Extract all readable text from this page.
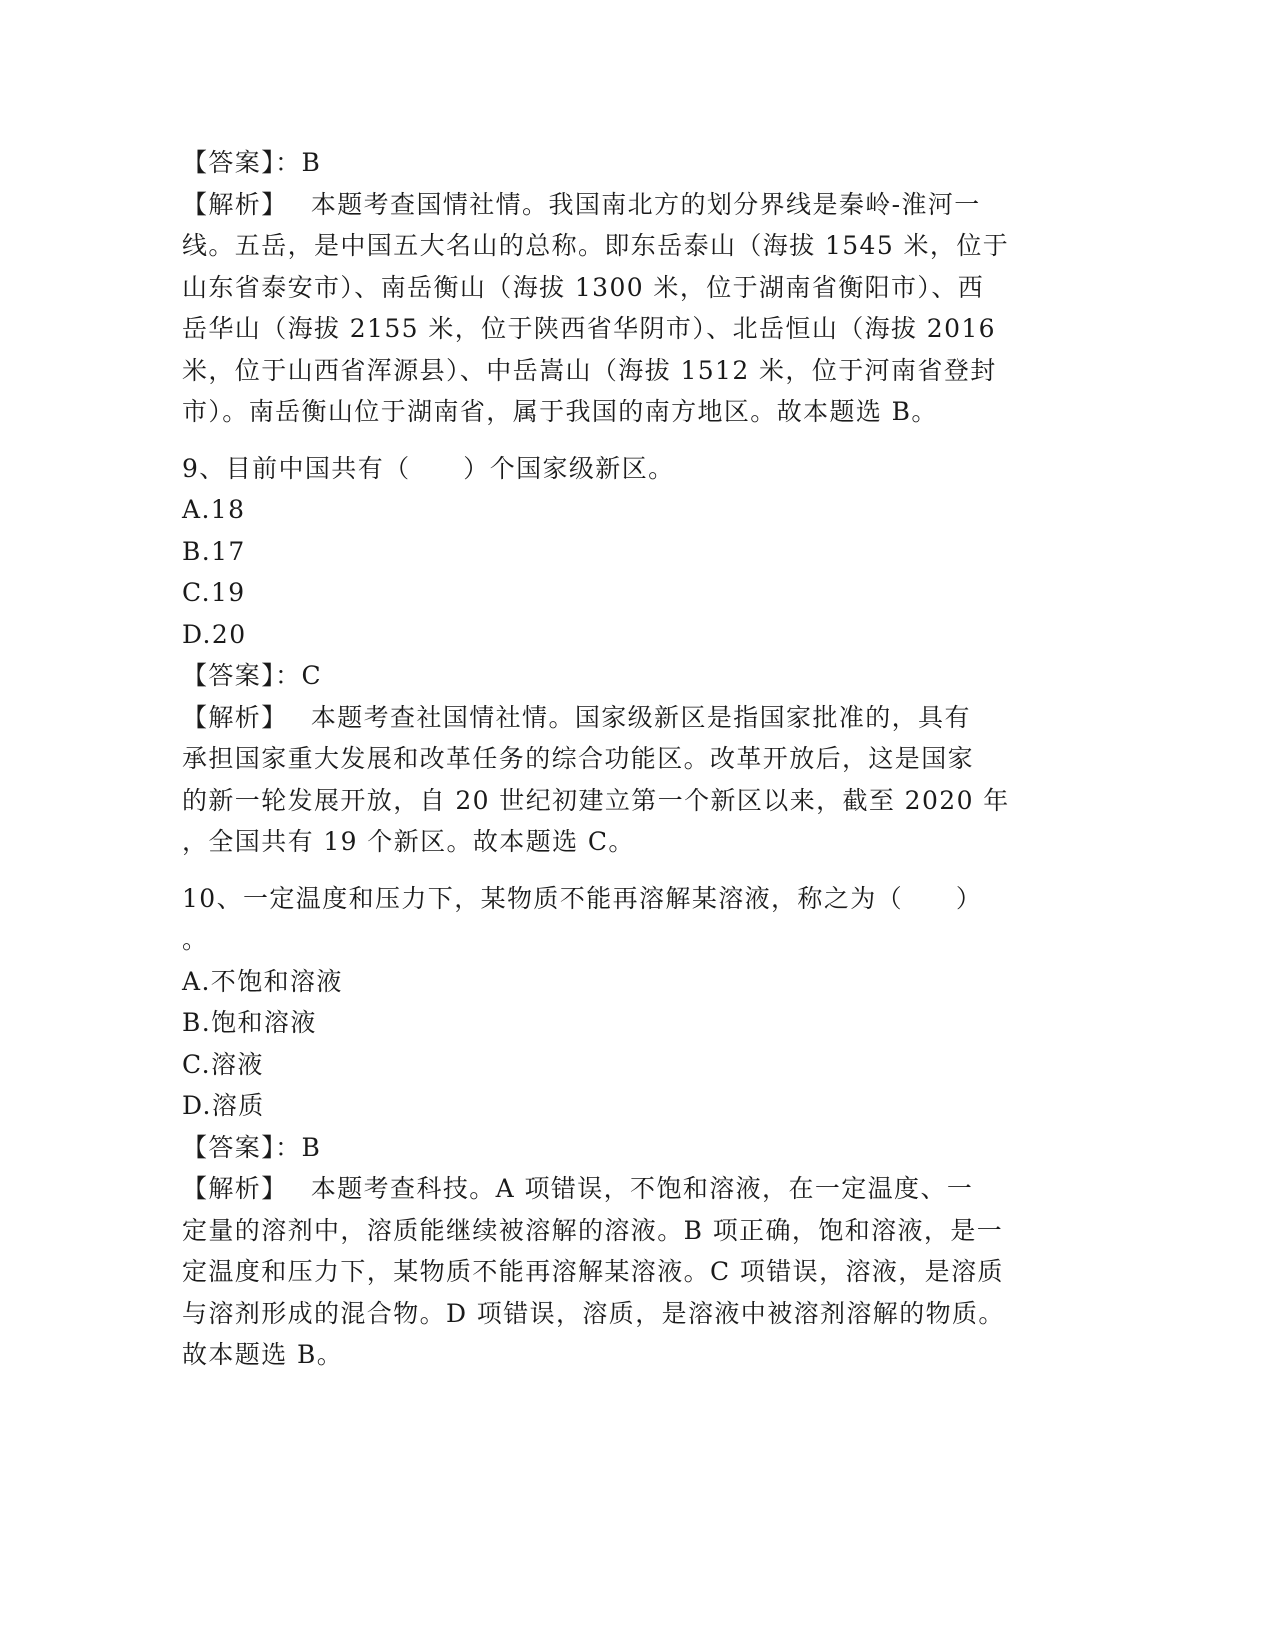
【答案】：B
【解析】　 本题考查国情社情。我国南北方的划分界线是秦岭-淮河一
线。五岳，是中国五大名山的总称。即东岳泰山（海拔 1545 米，位于
山东省泰安市）、南岳衡山（海拔 1300 米，位于湖南省衡阳市）、西
岳华山（海拔 2155 米，位于陕西省华阴市）、北岳恒山（海拔 2016
米，位于山西省浑源县）、中岳嵩山（海拔 1512 米，位于河南省登封
市）。南岳衡山位于湖南省，属于我国的南方地区。故本题选 B。
9、目前中国共有（　　）个国家级新区。
A.18
B.17
C.19
D.20
【答案】：C
【解析】　 本题考查社国情社情。国家级新区是指国家批准的，具有
承担国家重大发展和改革任务的综合功能区。改革开放后，这是国家
的新一轮发展开放，自 20 世纪初建立第一个新区以来，截至 2020 年
，全国共有 19 个新区。故本题选 C。
10、一定温度和压力下，某物质不能再溶解某溶液，称之为（　　）
。
A.不饱和溶液
B.饱和溶液
C.溶液
D.溶质
【答案】：B
【解析】　 本题考查科技。A 项错误，不饱和溶液，在一定温度、一
定量的溶剂中，溶质能继续被溶解的溶液。B 项正确，饱和溶液，是一
定温度和压力下，某物质不能再溶解某溶液。C 项错误，溶液，是溶质
与溶剂形成的混合物。D 项错误，溶质，是溶液中被溶剂溶解的物质。
故本题选 B。
